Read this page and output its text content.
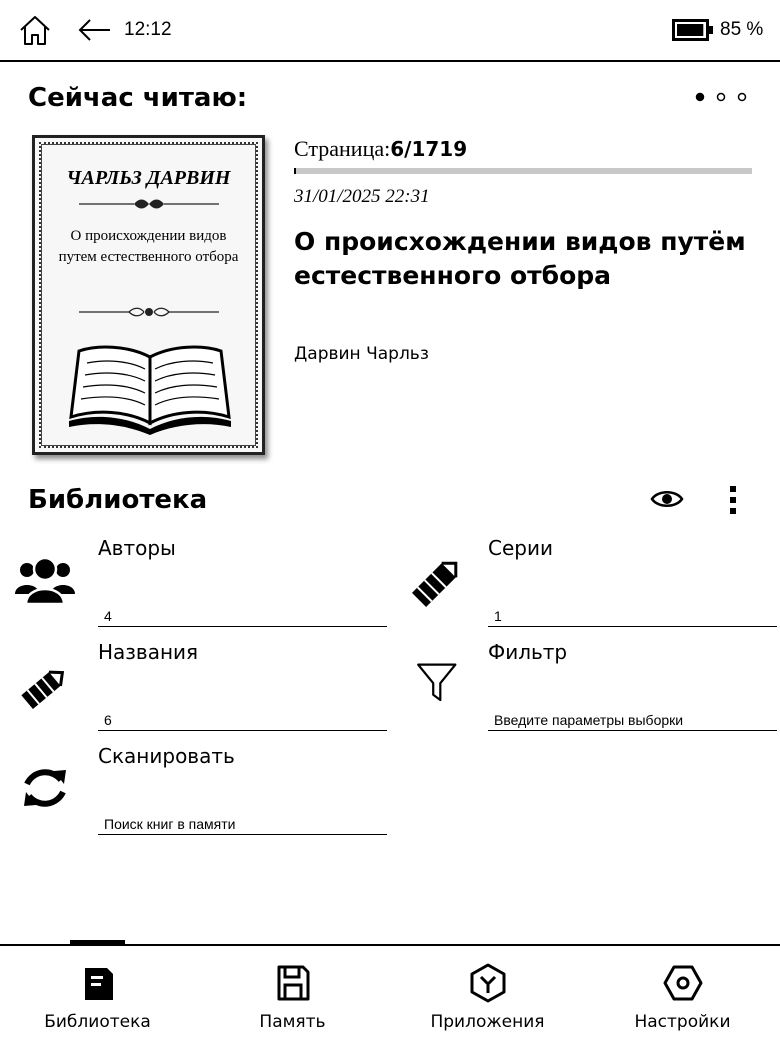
12:12	85 %
Сейчас читаю:
ЧАРЛЬЗ ДАРВИН
О происхождении видов путем естественного отбора
Страница:6/1719
31/01/2025 22:31
О происхождении видов путём естественного отбора
Дарвин Чарльз
Библиотека
Авторы
4
Серии
1
Названия
6
Фильтр
Введите параметры выборки
Сканировать
Поиск книг в памяти
Библиотека	Память	Приложения	Настройки
